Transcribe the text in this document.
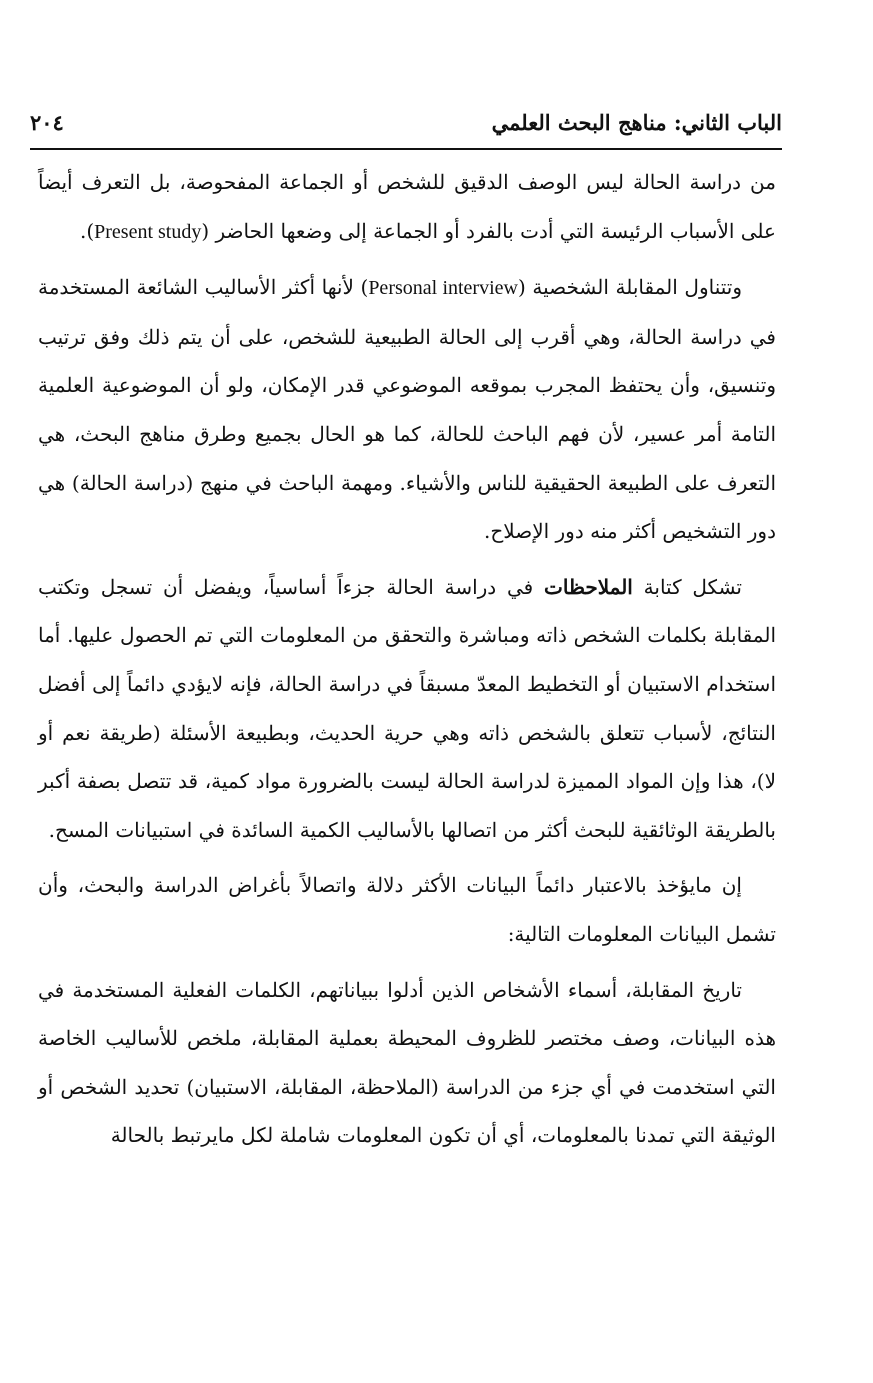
الباب الثاني: مناهج البحث العلمي
٢٠٤

من دراسة الحالة ليس الوصف الدقيق للشخص أو الجماعة المفحوصة، بل التعرف أيضاً على الأسباب الرئيسة التي أدت بالفرد أو الجماعة إلى وضعها الحاضر (Present study).

وتتناول المقابلة الشخصية (Personal interview) لأنها أكثر الأساليب الشائعة المستخدمة في دراسة الحالة، وهي أقرب إلى الحالة الطبيعية للشخص، على أن يتم ذلك وفق ترتيب وتنسيق، وأن يحتفظ المجرب بموقعه الموضوعي قدر الإمكان، ولو أن الموضوعية العلمية التامة أمر عسير، لأن فهم الباحث للحالة، كما هو الحال بجميع وطرق مناهج البحث، هي التعرف على الطبيعة الحقيقية للناس والأشياء. ومهمة الباحث في منهج (دراسة الحالة) هي دور التشخيص أكثر منه دور الإصلاح.

تشكل كتابة الملاحظات في دراسة الحالة جزءاً أساسياً، ويفضل أن تسجل وتكتب المقابلة بكلمات الشخص ذاته ومباشرة والتحقق من المعلومات التي تم الحصول عليها. أما استخدام الاستبيان أو التخطيط المعدّ مسبقاً في دراسة الحالة، فإنه لايؤدي دائماً إلى أفضل النتائج، لأسباب تتعلق بالشخص ذاته وهي حرية الحديث، وبطبيعة الأسئلة (طريقة نعم أو لا)، هذا وإن المواد المميزة لدراسة الحالة ليست بالضرورة مواد كمية، قد تتصل بصفة أكبر بالطريقة الوثائقية للبحث أكثر من اتصالها بالأساليب الكمية السائدة في استبيانات المسح.

إن مايؤخذ بالاعتبار دائماً البيانات الأكثر دلالة واتصالاً بأغراض الدراسة والبحث، وأن تشمل البيانات المعلومات التالية:

تاريخ المقابلة، أسماء الأشخاص الذين أدلوا ببياناتهم، الكلمات الفعلية المستخدمة في هذه البيانات، وصف مختصر للظروف المحيطة بعملية المقابلة، ملخص للأساليب الخاصة التي استخدمت في أي جزء من الدراسة (الملاحظة، المقابلة، الاستبيان) تحديد الشخص أو الوثيقة التي تمدنا بالمعلومات، أي أن تكون المعلومات شاملة لكل مايرتبط بالحالة
